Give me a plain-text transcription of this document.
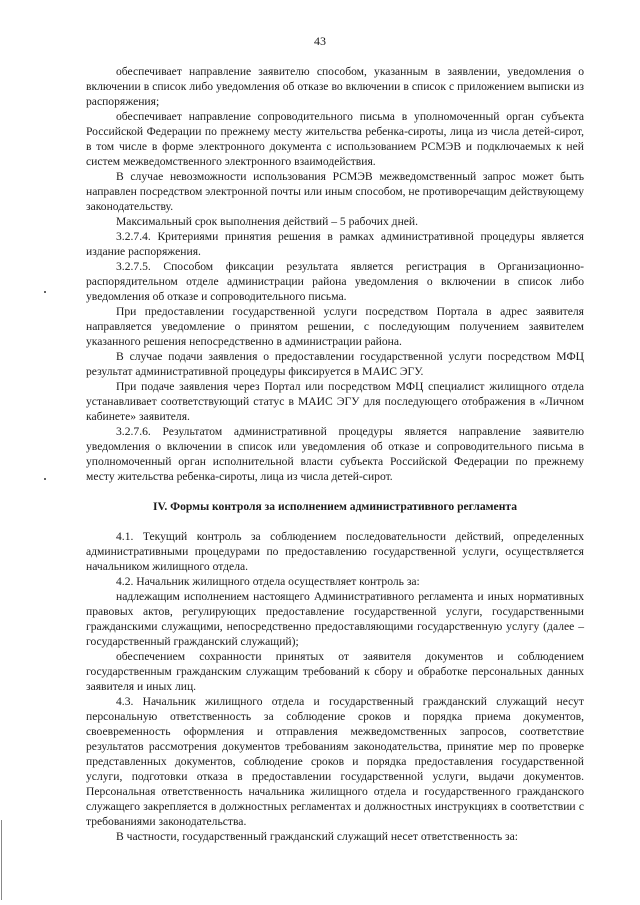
43

обеспечивает направление заявителю способом, указанным в заявлении, уведомления о включении в список либо уведомления об отказе во включении в список с приложением выписки из распоряжения;

обеспечивает направление сопроводительного письма в уполномоченный орган субъекта Российской Федерации по прежнему месту жительства ребенка-сироты, лица из числа детей-сирот, в том числе в форме электронного документа с использованием РСМЭВ и подключаемых к ней систем межведомственного электронного взаимодействия.

В случае невозможности использования РСМЭВ межведомственный запрос может быть направлен посредством электронной почты или иным способом, не противоречащим действующему законодательству.

Максимальный срок выполнения действий – 5 рабочих дней.

3.2.7.4. Критериями принятия решения в рамках административной процедуры является издание распоряжения.

3.2.7.5. Способом фиксации результата является регистрация в Организационно-распорядительном отделе администрации района уведомления о включении в список либо уведомления об отказе и сопроводительного письма.

При предоставлении государственной услуги посредством Портала в адрес заявителя направляется уведомление о принятом решении, с последующим получением заявителем указанного решения непосредственно в администрации района.

В случае подачи заявления о предоставлении государственной услуги посредством МФЦ результат административной процедуры фиксируется в МАИС ЭГУ.

При подаче заявления через Портал или посредством МФЦ специалист жилищного отдела устанавливает соответствующий статус в МАИС ЭГУ для последующего отображения в «Личном кабинете» заявителя.

3.2.7.6. Результатом административной процедуры является направление заявителю уведомления о включении в список или уведомления об отказе и сопроводительного письма в уполномоченный орган исполнительной власти субъекта Российской Федерации по прежнему месту жительства ребенка-сироты, лица из числа детей-сирот.

IV. Формы контроля за исполнением административного регламента

4.1. Текущий контроль за соблюдением последовательности действий, определенных административными процедурами по предоставлению государственной услуги, осуществляется начальником жилищного отдела.

4.2. Начальник жилищного отдела осуществляет контроль за:

надлежащим исполнением настоящего Административного регламента и иных нормативных правовых актов, регулирующих предоставление государственной услуги, государственными гражданскими служащими, непосредственно предоставляющими государственную услугу (далее – государственный гражданский служащий);

обеспечением сохранности принятых от заявителя документов и соблюдением государственным гражданским служащим требований к сбору и обработке персональных данных заявителя и иных лиц.

4.3. Начальник жилищного отдела и государственный гражданский служащий несут персональную ответственность за соблюдение сроков и порядка приема документов, своевременность оформления и отправления межведомственных запросов, соответствие результатов рассмотрения документов требованиям законодательства, принятие мер по проверке представленных документов, соблюдение сроков и порядка предоставления государственной услуги, подготовки отказа в предоставлении государственной услуги, выдачи документов. Персональная ответственность начальника жилищного отдела и государственного гражданского служащего закрепляется в должностных регламентах и должностных инструкциях в соответствии с требованиями законодательства.

В частности, государственный гражданский служащий несет ответственность за:
